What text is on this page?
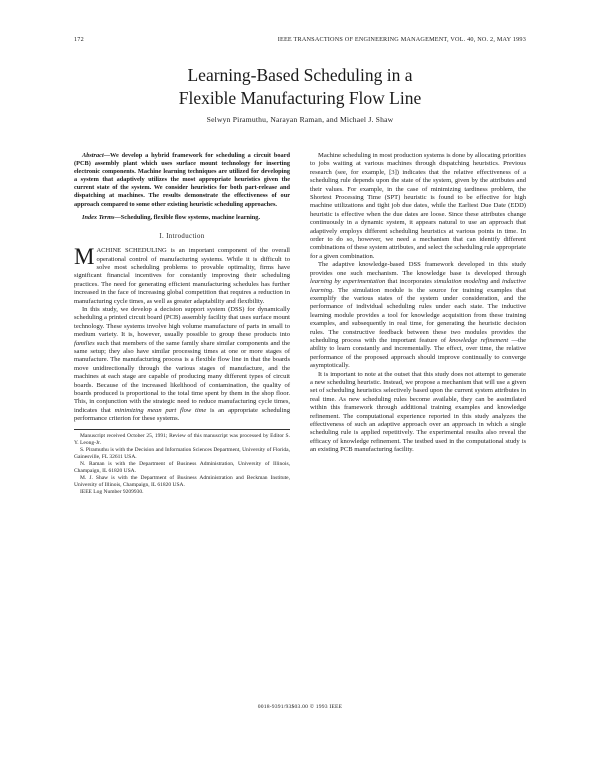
172	IEEE TRANSACTIONS OF ENGINEERING MANAGEMENT, VOL. 40, NO. 2, MAY 1993
Learning-Based Scheduling in a
Flexible Manufacturing Flow Line
Selwyn Piramuthu, Narayan Raman, and Michael J. Shaw

Abstract—We develop a hybrid framework for scheduling a circuit board (PCB) assembly plant which uses surface mount technology for inserting electronic components. Machine learning techniques are utilized for developing a system that adaptively utilizes the most appropriate heuristics given the current state of the system. We consider heuristics for both part-release and dispatching at machines. The results demonstrate the effectiveness of our approach compared to some other existing heuristic scheduling approaches.

Index Terms—Scheduling, flexible flow systems, machine learning.

I. Introduction

MACHINE SCHEDULING is an important component of the overall operational control of manufacturing systems. While it is difficult to solve most scheduling problems to provable optimality, firms have significant financial incentives for constantly improving their scheduling practices. The need for generating efficient manufacturing schedules has further increased in the face of increasing global competition that requires a reduction in manufacturing cycle times, as well as greater adaptability and flexibility.

In this study, we develop a decision support system (DSS) for dynamically scheduling a printed circuit board (PCB) assembly facility that uses surface mount technology. These systems involve high volume manufacture of parts in small to medium variety. It is, however, usually possible to group these products into families such that members of the same family share similar components and the same setup; they also have similar processing times at one or more stages of manufacture. The manufacturing process is a flexible flow line in that the boards move unidirectionally through the various stages of manufacture, and the machines at each stage are capable of producing many different types of circuit boards. Because of the increased likelihood of contamination, the quality of boards produced is proportional to the total time spent by them in the shop floor. This, in conjunction with the strategic need to reduce manufacturing cycle times, indicates that minimizing mean part flow time is an appropriate scheduling performance criterion for these systems.

Manuscript received October 25, 1991; Review of this manuscript was processed by Editor S. Y. Leong-Jr.

S. Piramuthu is with the Decision and Information Sciences Department, University of Florida, Gainesville, FL 32611 USA.

N. Raman is with the Department of Business Administration, University of Illinois, Champaign, IL 61820 USA.

M. J. Shaw is with the Department of Business Administration and Beckman Institute, University of Illinois, Champaign, IL 61820 USA.

IEEE Log Number 9209930.

Machine scheduling in most production systems is done by allocating priorities to jobs waiting at various machines through dispatching heuristics. Previous research (see, for example, [3]) indicates that the relative effectiveness of a scheduling rule depends upon the state of the system, given by the attributes and their values. For example, in the case of minimizing tardiness problem, the Shortest Processing Time (SPT) heuristic is found to be effective for high machine utilizations and tight job due dates, while the Earliest Due Date (EDD) heuristic is effective when the due dates are loose. Since these attributes change continuously in a dynamic system, it appears natural to use an approach that adaptively employs different scheduling heuristics at various points in time. In order to do so, however, we need a mechanism that can identify different combinations of these system attributes, and select the scheduling rule appropriate for a given combination.

The adaptive knowledge-based DSS framework developed in this study provides one such mechanism. The knowledge base is developed through learning by experimentation that incorporates simulation modeling and inductive learning. The simulation module is the source for training examples that exemplify the various states of the system under consideration, and the performance of individual scheduling rules under each state. The inductive learning module provides a tool for knowledge acquisition from these training examples, and subsequently in real time, for generating the heuristic decision rules. The constructive feedback between these two modules provides the scheduling process with the important feature of knowledge refinement —the ability to learn constantly and incrementally. The effect, over time, the relative performance of the proposed approach should improve continually to converge asymptotically.

It is important to note at the outset that this study does not attempt to generate a new scheduling heuristic. Instead, we propose a mechanism that will use a given set of scheduling heuristics selectively based upon the current system attributes in real time. As new scheduling rules become available, they can be assimilated within this framework through additional training examples and knowledge refinement. The computational experience reported in this study analyzes the effectiveness of such an adaptive approach over an approach in which a single scheduling rule is applied repetitively. The experimental results also reveal the efficacy of knowledge refinement. The testbed used in the computational study is an existing PCB manufacturing facility.

0018-9391/93$03.00 © 1993 IEEE
